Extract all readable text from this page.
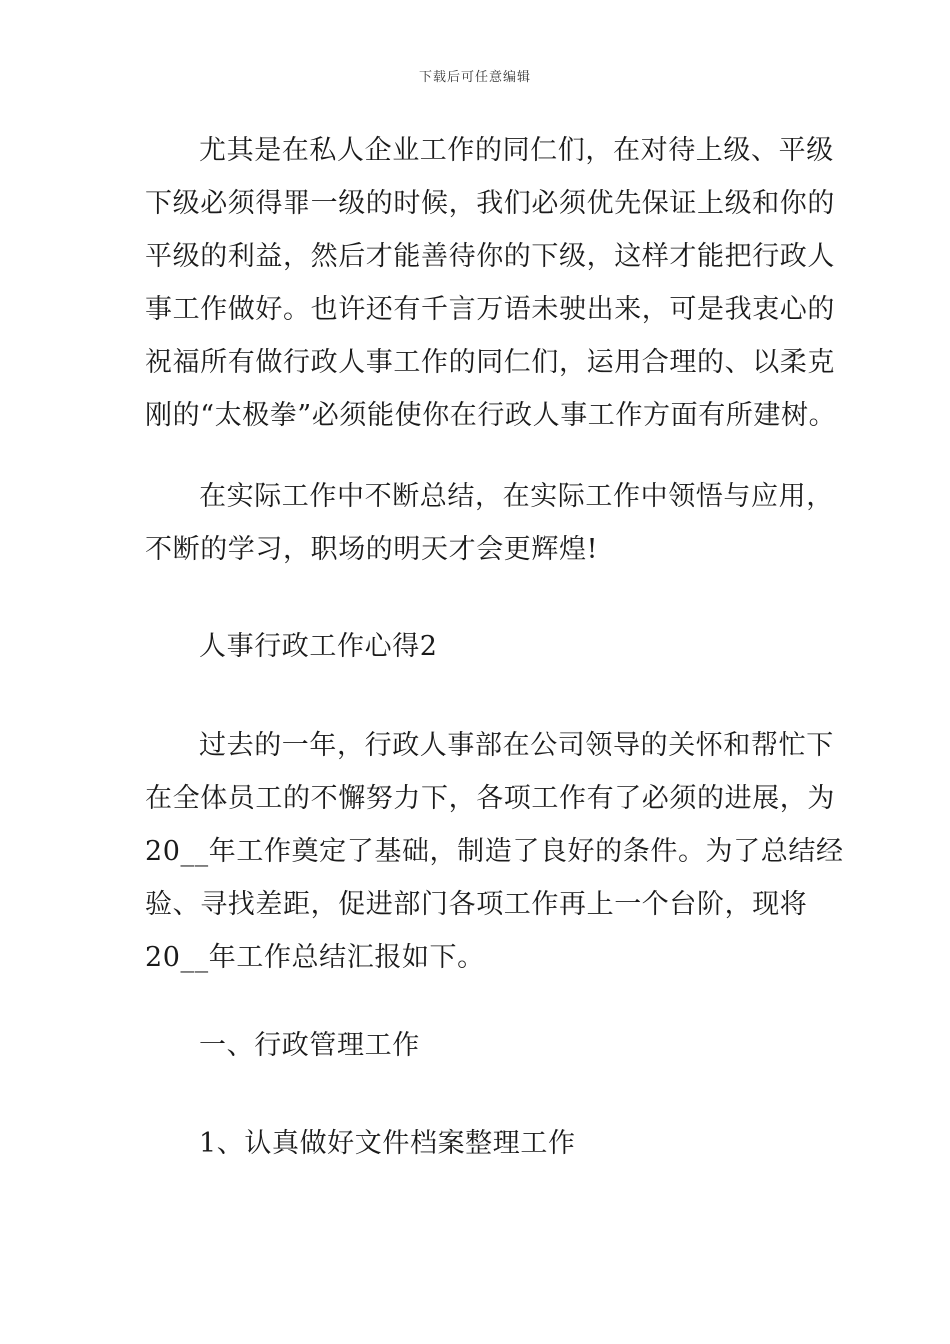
下载后可任意编辑
尤其是在私人企业工作的同仁们，在对待上级、平级
下级必须得罪一级的时候，我们必须优先保证上级和你的
平级的利益，然后才能善待你的下级，这样才能把行政人
事工作做好。也许还有千言万语未驶出来，可是我衷心的
祝福所有做行政人事工作的同仁们，运用合理的、以柔克
刚的“太极拳”必须能使你在行政人事工作方面有所建树。
在实际工作中不断总结，在实际工作中领悟与应用，
不断的学习，职场的明天才会更辉煌!
人事行政工作心得2
过去的一年，行政人事部在公司领导的关怀和帮忙下
在全体员工的不懈努力下，各项工作有了必须的进展，为
20__年工作奠定了基础，制造了良好的条件。为了总结经
验、寻找差距，促进部门各项工作再上一个台阶，现将
20__年工作总结汇报如下。
一、行政管理工作
1、认真做好文件档案整理工作
